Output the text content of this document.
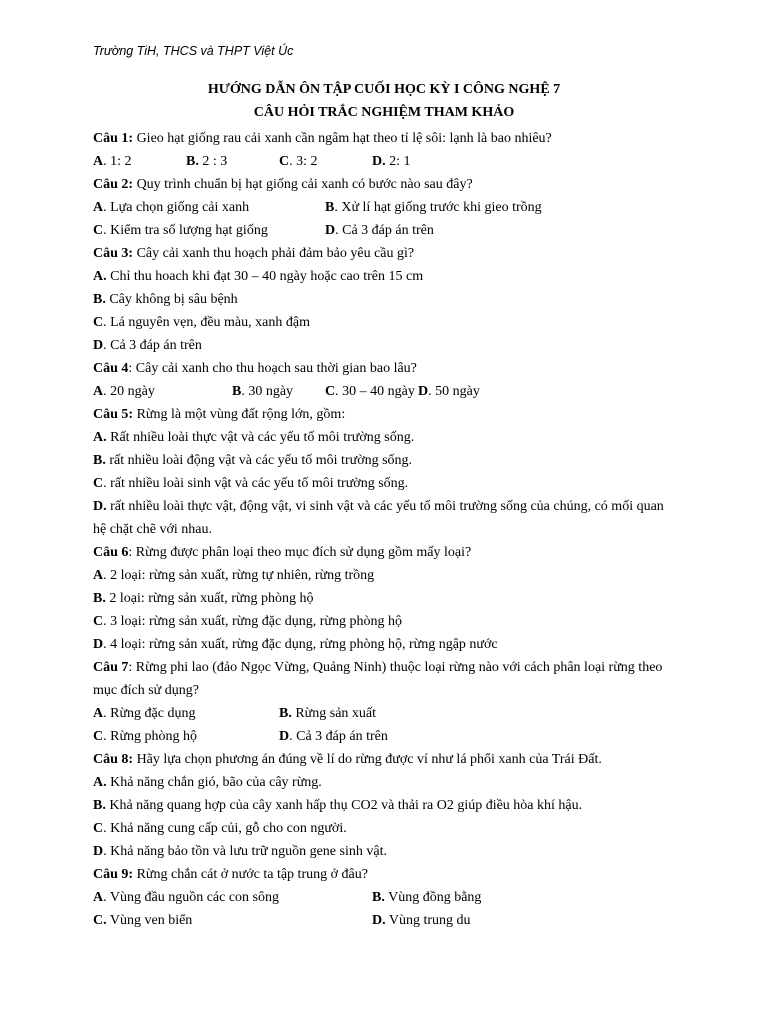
Trường TiH, THCS và THPT Việt Úc
HƯỚNG DẪN ÔN TẬP CUỐI HỌC KỲ I CÔNG NGHỆ 7
CÂU HỎI TRẮC NGHIỆM THAM KHẢO
Câu 1: Gieo hạt giống rau cải xanh cần ngâm hạt theo tỉ lệ sôi: lạnh là bao nhiêu?
A. 1: 2	B. 2 : 3	C. 3: 2	D. 2: 1
Câu 2: Quy trình chuẩn bị hạt giống cải xanh có bước nào sau đây?
A. Lựa chọn giống cải xanh	B. Xử lí hạt giống trước khi gieo trồng
C. Kiểm tra số lượng hạt giống	D. Cả 3 đáp án trên
Câu 3: Cây cải xanh thu hoạch phải đảm bảo yêu cầu gì?
A. Chỉ thu hoach khi đạt 30 – 40 ngày hoặc cao trên 15 cm
B. Cây không bị sâu bệnh
C. Lá nguyên vẹn, đều màu, xanh đậm
D. Cả 3 đáp án trên
Câu 4: Cây cải xanh cho thu hoạch sau thời gian bao lâu?
A. 20 ngày	B. 30 ngày	C. 30 – 40 ngày D. 50 ngày
Câu 5: Rừng là một vùng đất rộng lớn, gồm:
A. Rất nhiều loài thực vật và các yếu tố môi trường sống.
B. rất nhiều loài động vật và các yếu tố môi trường sống.
C. rất nhiều loài sinh vật và các yếu tố môi trường sống.
D. rất nhiều loài thực vật, động vật, vi sinh vật và các yếu tố môi trường sống của chúng, có mối quan hệ chặt chẽ với nhau.
Câu 6: Rừng được phân loại theo mục đích sử dụng gồm mấy loại?
A. 2 loại: rừng sản xuất, rừng tự nhiên, rừng trồng
B. 2 loại: rừng sản xuất, rừng phòng hộ
C. 3 loại: rừng sản xuất, rừng đặc dụng, rừng phòng hộ
D. 4 loại: rừng sản xuất, rừng đặc dụng, rừng phòng hộ, rừng ngập nước
Câu 7: Rừng phi lao (đảo Ngọc Vừng, Quảng Ninh) thuộc loại rừng nào với cách phân loại rừng theo mục đích sử dụng?
A. Rừng đặc dụng	B. Rừng sản xuất
C. Rừng phòng hộ	D. Cả 3 đáp án trên
Câu 8: Hãy lựa chọn phương án đúng về lí do rừng được ví như lá phổi xanh của Trái Đất.
A. Khả năng chắn gió, bão của cây rừng.
B. Khả năng quang hợp của cây xanh hấp thụ CO2 và thải ra O2 giúp điều hòa khí hậu.
C. Khả năng cung cấp củi, gỗ cho con người.
D. Khả năng bảo tồn và lưu trữ nguồn gene sinh vật.
Câu 9: Rừng chắn cát ở nước ta tập trung ở đâu?
A. Vùng đầu nguồn các con sông	B. Vùng đồng bằng
C. Vùng ven biển	D. Vùng trung du
